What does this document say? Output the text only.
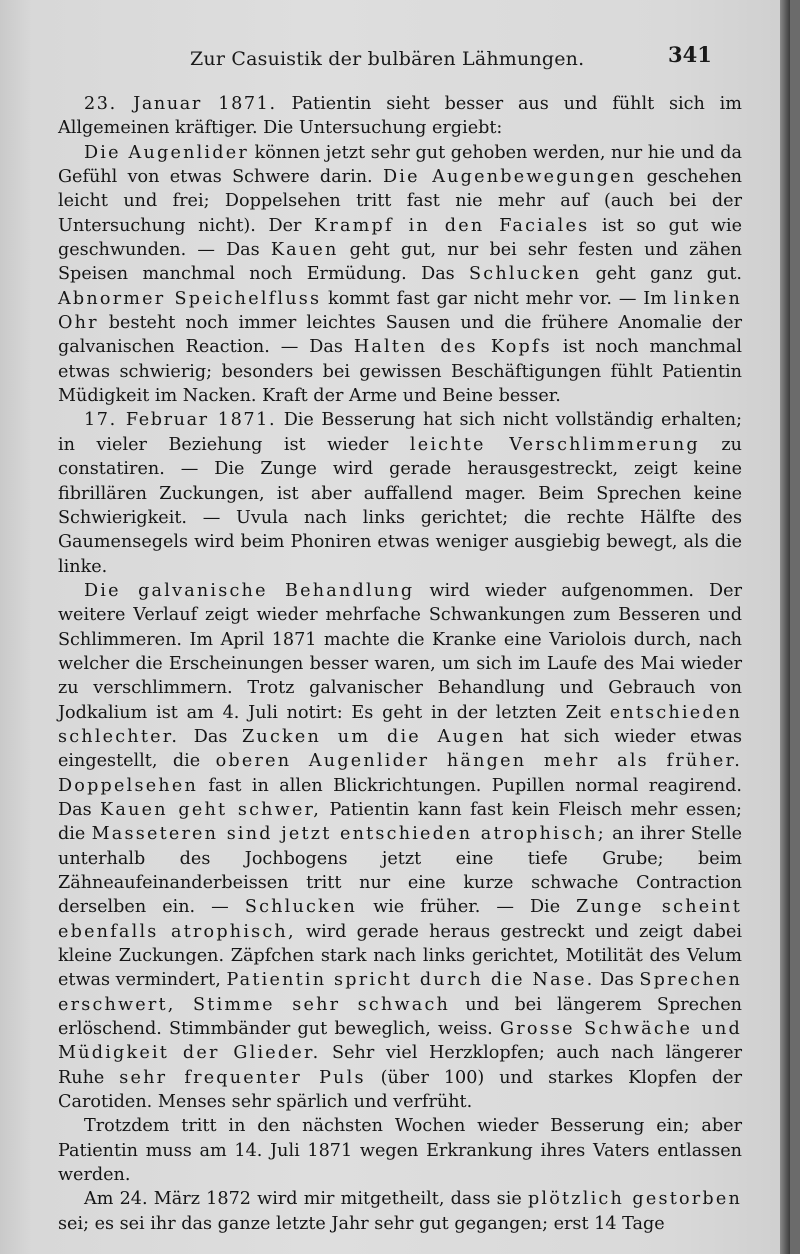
Zur Casuistik der bulbären Lähmungen.	341

23. Januar 1871. Patientin sieht besser aus und fühlt sich im Allgemeinen kräftiger. Die Untersuchung ergiebt:

Die Augenlider können jetzt sehr gut gehoben werden, nur hie und da Gefühl von etwas Schwere darin. Die Augenbewegungen geschehen leicht und frei; Doppelsehen tritt fast nie mehr auf (auch bei der Untersuchung nicht). Der Krampf in den Faciales ist so gut wie geschwunden. — Das Kauen geht gut, nur bei sehr festen und zähen Speisen manchmal noch Ermüdung. Das Schlucken geht ganz gut. Abnormer Speichelfluss kommt fast gar nicht mehr vor. — Im linken Ohr besteht noch immer leichtes Sausen und die frühere Anomalie der galvanischen Reaction. — Das Halten des Kopfs ist noch manchmal etwas schwierig; besonders bei gewissen Beschäftigungen fühlt Patientin Müdigkeit im Nacken. Kraft der Arme und Beine besser.

17. Februar 1871. Die Besserung hat sich nicht vollständig erhalten; in vieler Beziehung ist wieder leichte Verschlimmerung zu constatiren. — Die Zunge wird gerade herausgestreckt, zeigt keine fibrillären Zuckungen, ist aber auffallend mager. Beim Sprechen keine Schwierigkeit. — Uvula nach links gerichtet; die rechte Hälfte des Gaumensegels wird beim Phoniren etwas weniger ausgiebig bewegt, als die linke.

Die galvanische Behandlung wird wieder aufgenommen. Der weitere Verlauf zeigt wieder mehrfache Schwankungen zum Besseren und Schlimmeren. Im April 1871 machte die Kranke eine Variolois durch, nach welcher die Erscheinungen besser waren, um sich im Laufe des Mai wieder zu verschlimmern. Trotz galvanischer Behandlung und Gebrauch von Jodkalium ist am 4. Juli notirt: Es geht in der letzten Zeit entschieden schlechter. Das Zucken um die Augen hat sich wieder etwas eingestellt, die oberen Augenlider hängen mehr als früher. Doppelsehen fast in allen Blickrichtungen. Pupillen normal reagirend. Das Kauen geht schwer, Patientin kann fast kein Fleisch mehr essen; die Masseteren sind jetzt entschieden atrophisch; an ihrer Stelle unterhalb des Jochbogens jetzt eine tiefe Grube; beim Zähneaufeinanderbeissen tritt nur eine kurze schwache Contraction derselben ein. — Schlucken wie früher. — Die Zunge scheint ebenfalls atrophisch, wird gerade heraus gestreckt und zeigt dabei kleine Zuckungen. Zäpfchen stark nach links gerichtet, Motilität des Velum etwas vermindert, Patientin spricht durch die Nase. Das Sprechen erschwert, Stimme sehr schwach und bei längerem Sprechen erlöschend. Stimmbänder gut beweglich, weiss. Grosse Schwäche und Müdigkeit der Glieder. Sehr viel Herzklopfen; auch nach längerer Ruhe sehr frequenter Puls (über 100) und starkes Klopfen der Carotiden. Menses sehr spärlich und verfrüht.

Trotzdem tritt in den nächsten Wochen wieder Besserung ein; aber Patientin muss am 14. Juli 1871 wegen Erkrankung ihres Vaters entlassen werden.

Am 24. März 1872 wird mir mitgetheilt, dass sie plötzlich gestorben sei; es sei ihr das ganze letzte Jahr sehr gut gegangen; erst 14 Tage
